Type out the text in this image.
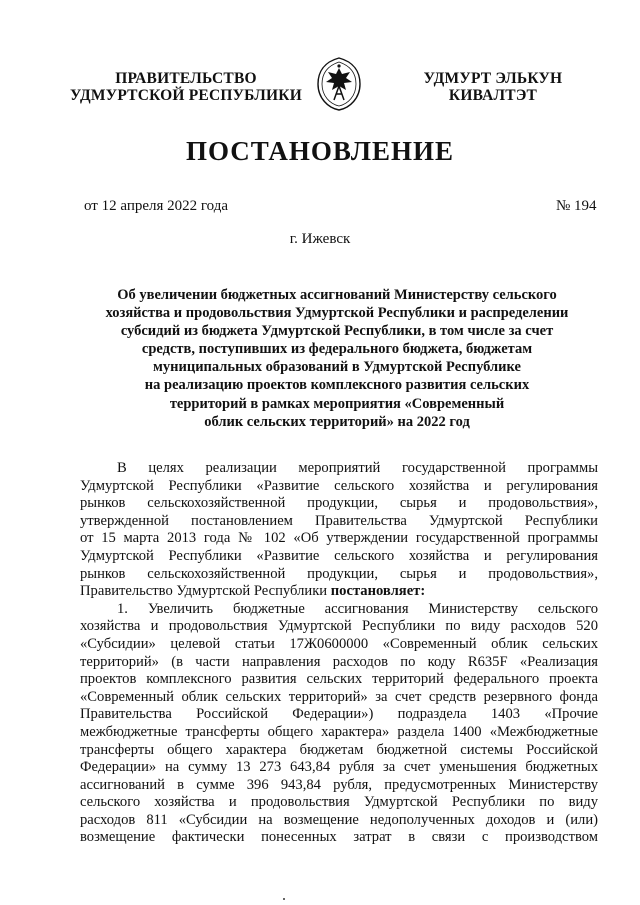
ПРАВИТЕЛЬСТВО
УДМУРТСКОЙ РЕСПУБЛИКИ
УДМУРТ ЭЛЬКУН
КИВАЛТЭТ
ПОСТАНОВЛЕНИЕ
от 12 апреля 2022 года	№ 194
г. Ижевск
Об увеличении бюджетных ассигнований Министерству сельского
хозяйства и продовольствия Удмуртской Республики и распределении
субсидий из бюджета Удмуртской Республики, в том числе за счет
средств, поступивших из федерального бюджета, бюджетам
муниципальных образований в Удмуртской Республике
на реализацию проектов комплексного развития сельских
территорий в рамках мероприятия «Современный
облик сельских территорий» на 2022 год
В целях реализации мероприятий государственной программы
Удмуртской Республики «Развитие сельского хозяйства и регулирования
рынков сельскохозяйственной продукции, сырья и продовольствия»,
утвержденной постановлением Правительства Удмуртской Республики
от 15 марта 2013 года № 102 «Об утверждении государственной программы
Удмуртской Республики «Развитие сельского хозяйства и регулирования
рынков сельскохозяйственной продукции, сырья и продовольствия»,
Правительство Удмуртской Республики постановляет:
1. Увеличить бюджетные ассигнования Министерству сельского
хозяйства и продовольствия Удмуртской Республики по виду расходов 520
«Субсидии» целевой статьи 17Ж0600000 «Современный облик сельских
территорий» (в части направления расходов по коду R635F «Реализация
проектов комплексного развития сельских территорий федерального проекта
«Современный облик сельских территорий» за счет средств резервного фонда
Правительства Российской Федерации») подраздела 1403 «Прочие
межбюджетные трансферты общего характера» раздела 1400 «Межбюджетные
трансферты общего характера бюджетам бюджетной системы Российской
Федерации» на сумму 13 273 643,84 рубля за счет уменьшения бюджетных
ассигнований в сумме 396 943,84 рубля, предусмотренных Министерству
сельского хозяйства и продовольствия Удмуртской Республики по виду
расходов 811 «Субсидии на возмещение недополученных доходов и (или)
возмещение фактически понесенных затрат в связи с производством
